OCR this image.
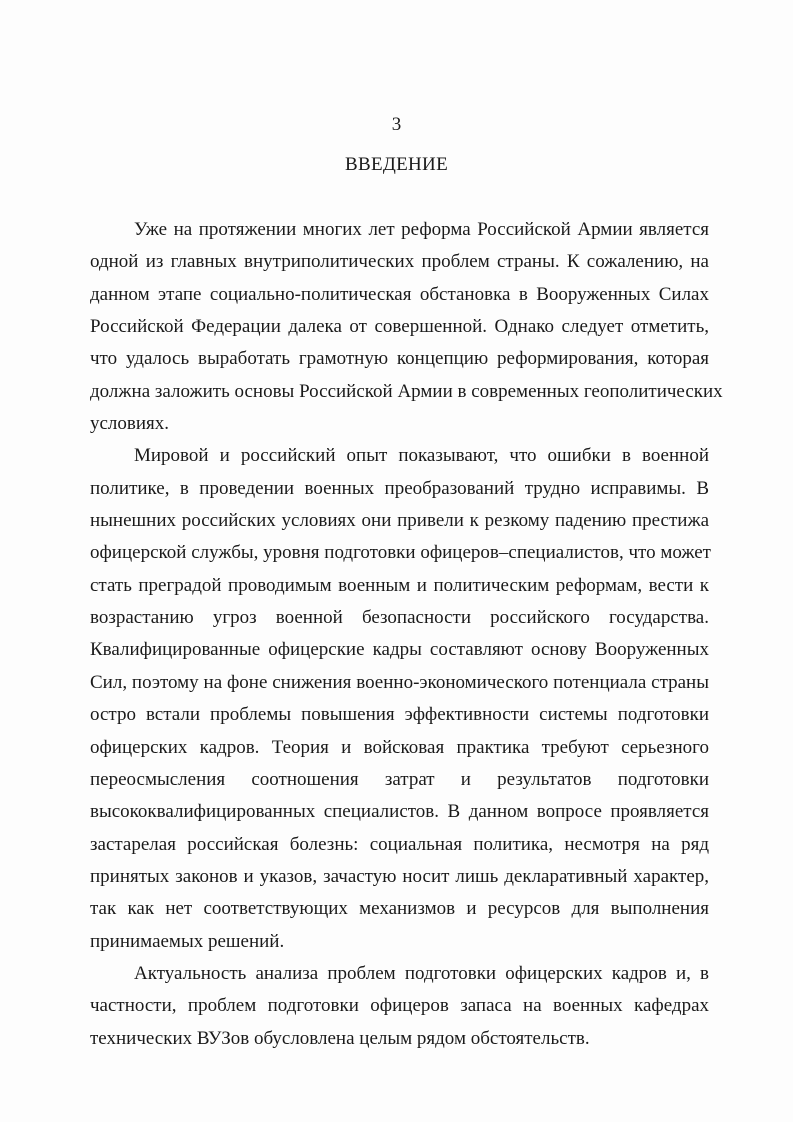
3
ВВЕДЕНИЕ
Уже на протяжении многих лет реформа Российской Армии является
одной из главных внутриполитических проблем страны. К сожалению, на
данном этапе социально-политическая обстановка в Вооруженных Силах
Российской Федерации далека от совершенной. Однако следует отметить,
что удалось выработать грамотную концепцию реформирования, которая
должна заложить основы Российской Армии в современных геополитических
условиях.
Мировой и российский опыт показывают, что ошибки в военной
политике, в проведении военных преобразований трудно исправимы. В
нынешних российских условиях они привели к резкому падению престижа
офицерской службы, уровня подготовки офицеров–специалистов, что может
стать преградой проводимым военным и политическим реформам, вести к
возрастанию угроз военной безопасности российского государства.
Квалифицированные офицерские кадры составляют основу Вооруженных
Сил, поэтому на фоне снижения военно-экономического потенциала страны
остро встали проблемы повышения эффективности системы подготовки
офицерских кадров. Теория и войсковая практика требуют серьезного
переосмысления соотношения затрат и результатов подготовки
высококвалифицированных специалистов. В данном вопросе проявляется
застарелая российская болезнь: социальная политика, несмотря на ряд
принятых законов и указов, зачастую носит лишь декларативный характер,
так как нет соответствующих механизмов и ресурсов для выполнения
принимаемых решений.
Актуальность анализа проблем подготовки офицерских кадров и, в
частности, проблем подготовки офицеров запаса на военных кафедрах
технических ВУЗов обусловлена целым рядом обстоятельств.
